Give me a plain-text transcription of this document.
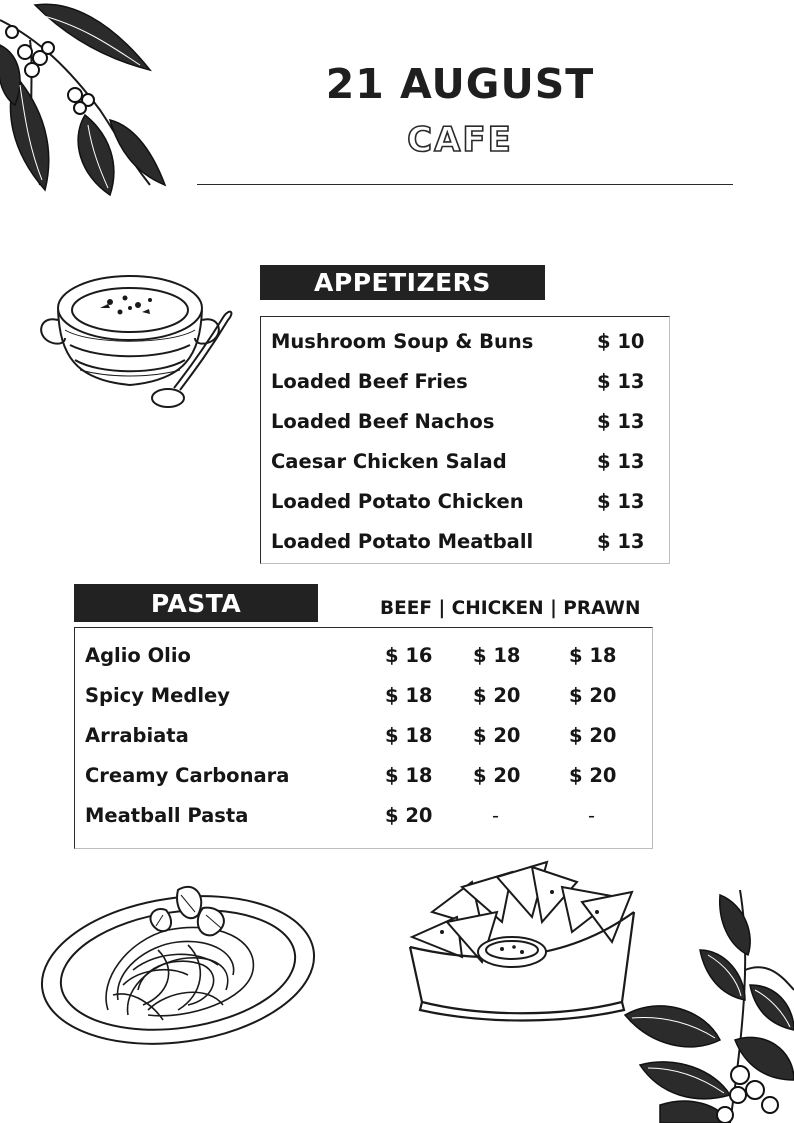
21 AUGUST
CAFE
APPETIZERS
Mushroom Soup & Buns	$ 10
Loaded Beef Fries	$ 13
Loaded Beef Nachos	$ 13
Caesar Chicken Salad	$ 13
Loaded Potato Chicken	$ 13
Loaded Potato Meatball	$ 13
PASTA	BEEF | CHICKEN | PRAWN
Aglio Olio	$ 16 $ 18 $ 18
Spicy Medley	$ 18 $ 20 $ 20
Arrabiata	$ 18 $ 20 $ 20
Creamy Carbonara	$ 18 $ 20 $ 20
Meatball Pasta	$ 20	-	-
